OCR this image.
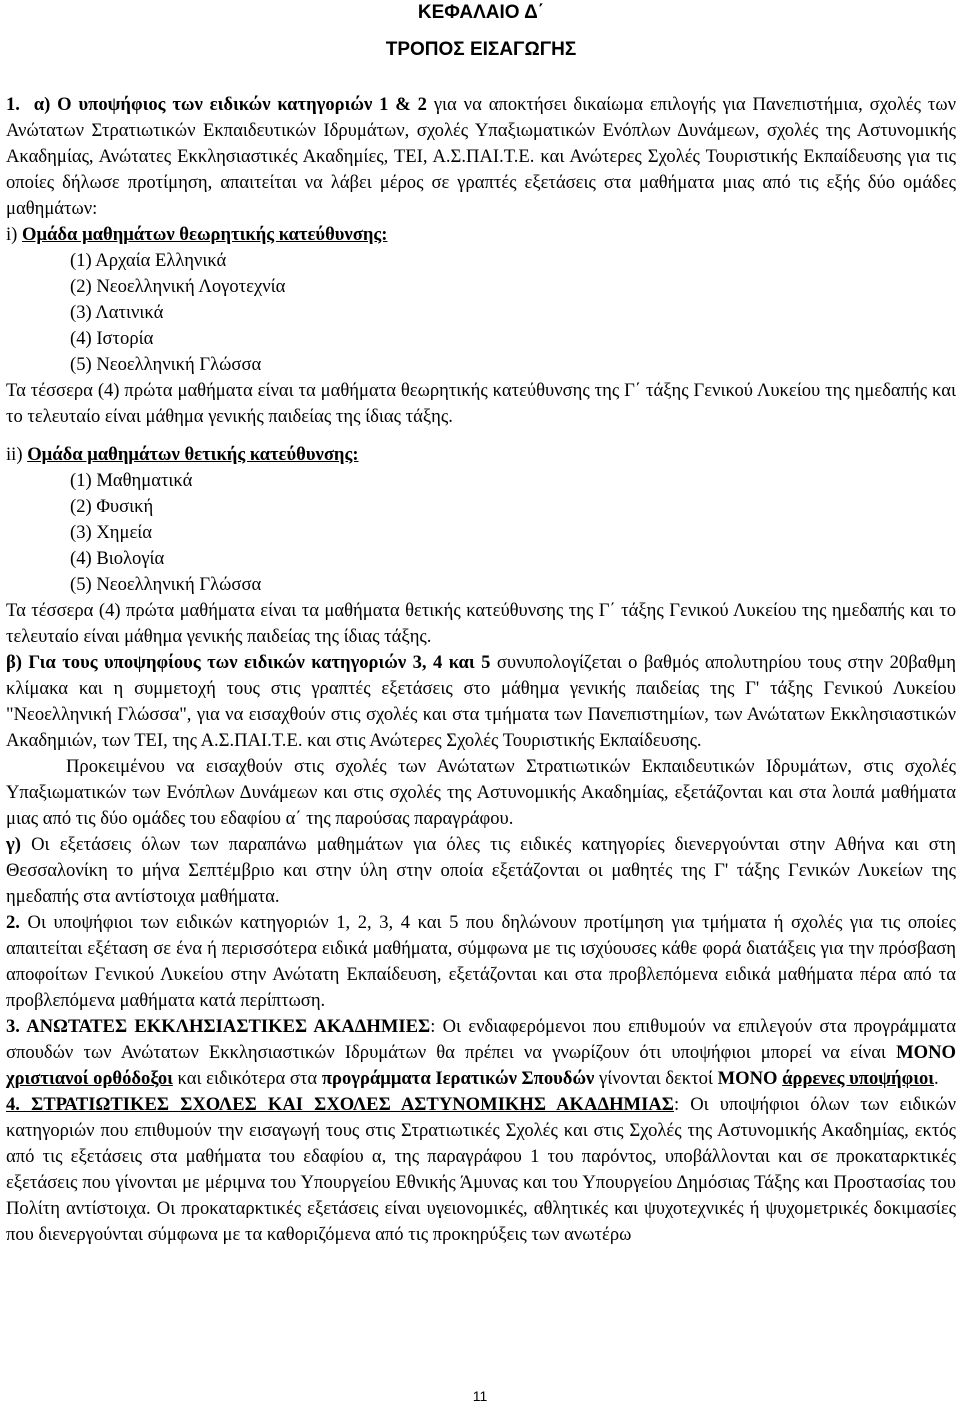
ΚΕΦΑΛΑΙΟ Δ΄
ΤΡΟΠΟΣ ΕΙΣΑΓΩΓΗΣ

1. α) Ο υποψήφιος των ειδικών κατηγοριών 1 & 2 για να αποκτήσει δικαίωμα επιλογής για Πανεπιστήμια, σχολές των Ανώτατων Στρατιωτικών Εκπαιδευτικών Ιδρυμάτων, σχολές Υπαξιωματικών Ενόπλων Δυνάμεων, σχολές της Αστυνομικής Ακαδημίας, Ανώτατες Εκκλησιαστικές Ακαδημίες, ΤΕΙ, Α.Σ.ΠΑΙ.Τ.Ε. και Ανώτερες Σχολές Τουριστικής Εκπαίδευσης για τις οποίες δήλωσε προτίμηση, απαιτείται να λάβει μέρος σε γραπτές εξετάσεις στα μαθήματα μιας από τις εξής δύο ομάδες μαθημάτων:

i) Ομάδα μαθημάτων θεωρητικής κατεύθυνσης:

(1) Αρχαία Ελληνικά

(2) Νεοελληνική Λογοτεχνία

(3) Λατινικά

(4) Ιστορία

(5) Νεοελληνική Γλώσσα

Τα τέσσερα (4) πρώτα μαθήματα είναι τα μαθήματα θεωρητικής κατεύθυνσης της Γ΄ τάξης Γενικού Λυκείου της ημεδαπής και το τελευταίο είναι μάθημα γενικής παιδείας της ίδιας τάξης.

ii) Ομάδα μαθημάτων θετικής κατεύθυνσης:

(1) Μαθηματικά

(2) Φυσική

(3) Χημεία

(4) Βιολογία

(5) Νεοελληνική Γλώσσα

Τα τέσσερα (4) πρώτα μαθήματα είναι τα μαθήματα θετικής κατεύθυνσης της Γ΄ τάξης Γενικού Λυκείου της ημεδαπής και το τελευταίο είναι μάθημα γενικής παιδείας της ίδιας τάξης.

β) Για τους υποψηφίους των ειδικών κατηγοριών 3, 4 και 5 συνυπολογίζεται ο βαθμός απολυτηρίου τους στην 20βαθμη κλίμακα και η συμμετοχή τους στις γραπτές εξετάσεις στο μάθημα γενικής παιδείας της Γ' τάξης Γενικού Λυκείου "Νεοελληνική Γλώσσα", για να εισαχθούν στις σχολές και στα τμήματα των Πανεπιστημίων, των Ανώτατων Εκκλησιαστικών Ακαδημιών, των ΤΕΙ, της Α.Σ.ΠΑΙ.Τ.Ε. και στις Ανώτερες Σχολές Τουριστικής Εκπαίδευσης.

Προκειμένου να εισαχθούν στις σχολές των Ανώτατων Στρατιωτικών Εκπαιδευτικών Ιδρυμάτων, στις σχολές Υπαξιωματικών των Ενόπλων Δυνάμεων και στις σχολές της Αστυνομικής Ακαδημίας, εξετάζονται και στα λοιπά μαθήματα μιας από τις δύο ομάδες του εδαφίου α΄ της παρούσας παραγράφου.

γ) Οι εξετάσεις όλων των παραπάνω μαθημάτων για όλες τις ειδικές κατηγορίες διενεργούνται στην Αθήνα και στη Θεσσαλονίκη το μήνα Σεπτέμβριο και στην ύλη στην οποία εξετάζονται οι μαθητές της Γ' τάξης Γενικών Λυκείων της ημεδαπής στα αντίστοιχα μαθήματα.

2. Οι υποψήφιοι των ειδικών κατηγοριών 1, 2, 3, 4 και 5 που δηλώνουν προτίμηση για τμήματα ή σχολές για τις οποίες απαιτείται εξέταση σε ένα ή περισσότερα ειδικά μαθήματα, σύμφωνα με τις ισχύουσες κάθε φορά διατάξεις για την πρόσβαση αποφοίτων Γενικού Λυκείου στην Ανώτατη Εκπαίδευση, εξετάζονται και στα προβλεπόμενα ειδικά μαθήματα πέρα από τα προβλεπόμενα μαθήματα κατά περίπτωση.

3. ΑΝΩΤΑΤΕΣ ΕΚΚΛΗΣΙΑΣΤΙΚΕΣ ΑΚΑΔΗΜΙΕΣ: Οι ενδιαφερόμενοι που επιθυμούν να επιλεγούν στα προγράμματα σπουδών των Ανώτατων Εκκλησιαστικών Ιδρυμάτων θα πρέπει να γνωρίζουν ότι υποψήφιοι μπορεί να είναι ΜΟΝΟ χριστιανοί ορθόδοξοι και ειδικότερα στα προγράμματα Ιερατικών Σπουδών γίνονται δεκτοί ΜΟΝΟ άρρενες υποψήφιοι.

4. ΣΤΡΑΤΙΩΤΙΚΕΣ ΣΧΟΛΕΣ ΚΑΙ ΣΧΟΛΕΣ ΑΣΤΥΝΟΜΙΚΗΣ ΑΚΑΔΗΜΙΑΣ: Οι υποψήφιοι όλων των ειδικών κατηγοριών που επιθυμούν την εισαγωγή τους στις Στρατιωτικές Σχολές και στις Σχολές της Αστυνομικής Ακαδημίας, εκτός από τις εξετάσεις στα μαθήματα του εδαφίου α, της παραγράφου 1 του παρόντος, υποβάλλονται και σε προκαταρκτικές εξετάσεις που γίνονται με μέριμνα του Υπουργείου Εθνικής Άμυνας και του Υπουργείου Δημόσιας Τάξης και Προστασίας του Πολίτη αντίστοιχα. Οι προκαταρκτικές εξετάσεις είναι υγειονομικές, αθλητικές και ψυχοτεχνικές ή ψυχομετρικές δοκιμασίες που διενεργούνται σύμφωνα με τα καθοριζόμενα από τις προκηρύξεις των ανωτέρω

11
